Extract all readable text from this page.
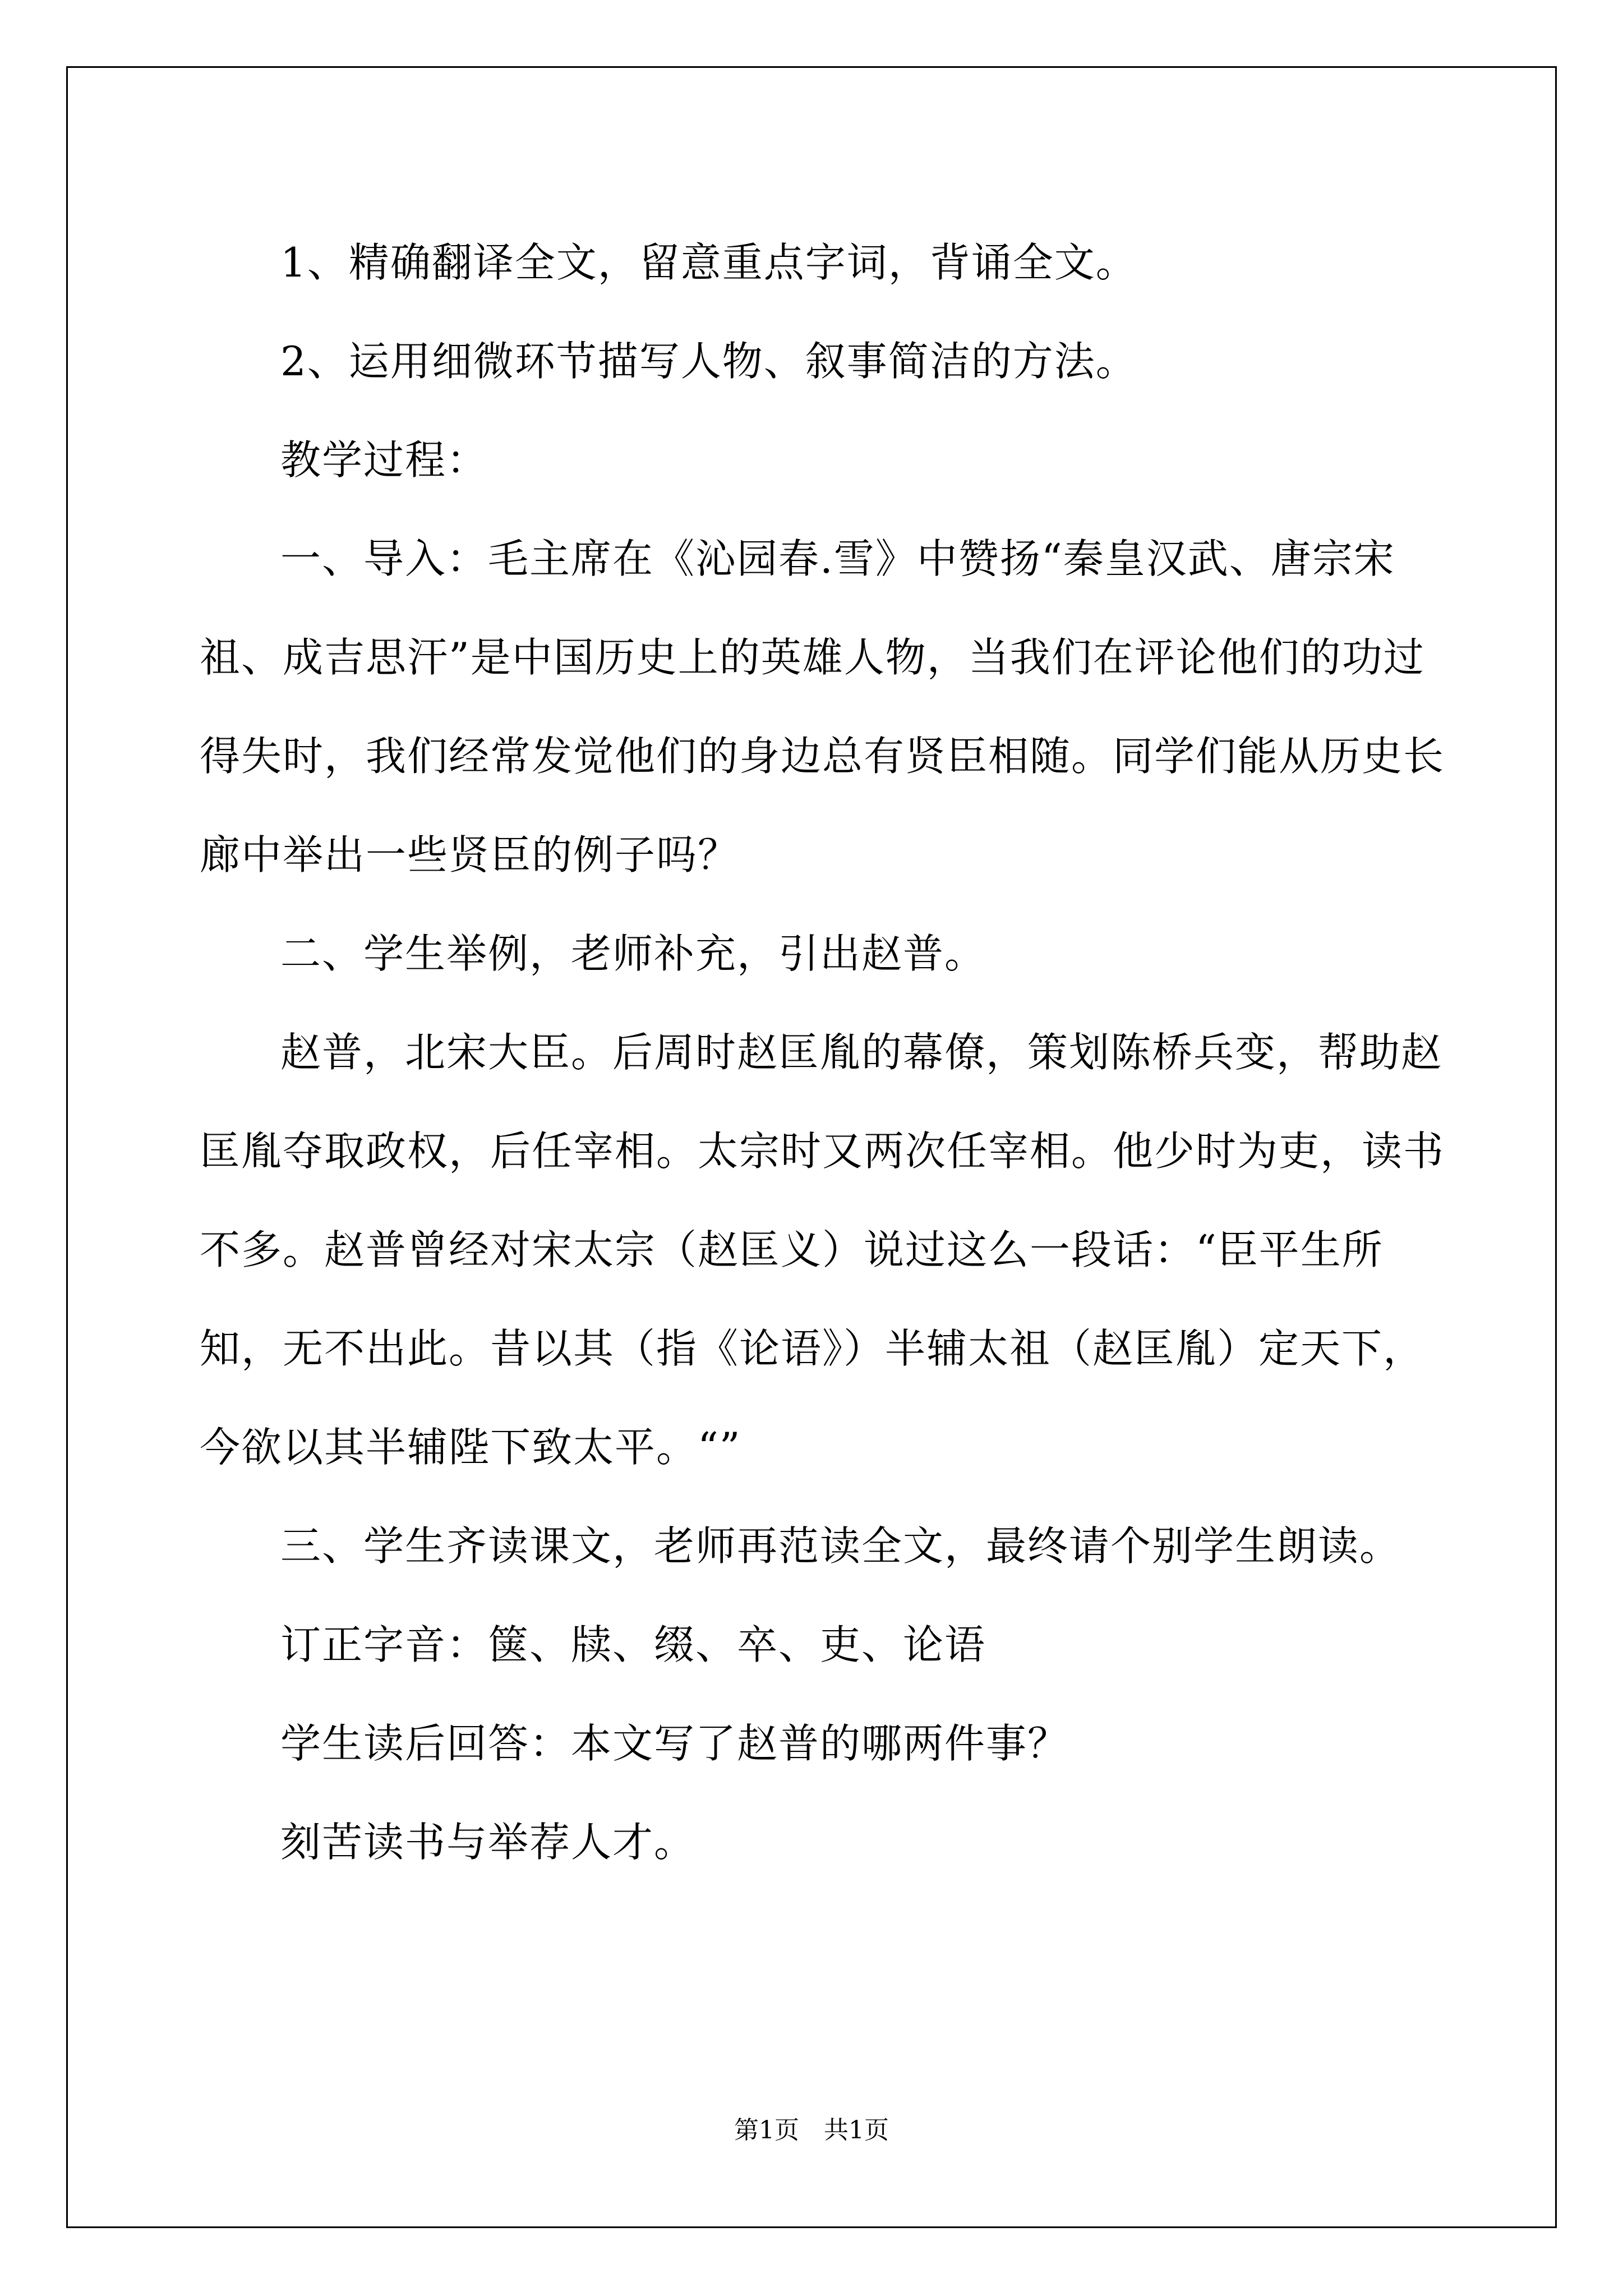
1、精确翻译全文，留意重点字词，背诵全文。

2、运用细微环节描写人物、叙事简洁的方法。

教学过程：

一、导入：毛主席在《沁园春.雪》中赞扬“秦皇汉武、唐宗宋祖、成吉思汗”是中国历史上的英雄人物，当我们在评论他们的功过得失时，我们经常发觉他们的身边总有贤臣相随。同学们能从历史长廊中举出一些贤臣的例子吗？

二、学生举例，老师补充，引出赵普。

赵普，北宋大臣。后周时赵匡胤的幕僚，策划陈桥兵变，帮助赵匡胤夺取政权，后任宰相。太宗时又两次任宰相。他少时为吏，读书不多。赵普曾经对宋太宗（赵匡义）说过这么一段话：“臣平生所知，无不出此。昔以其（指《论语》）半辅太祖（赵匡胤）定天下，今欲以其半辅陛下致太平。“”

三、学生齐读课文，老师再范读全文，最终请个别学生朗读。

订正字音：箧、牍、缀、卒、吏、论语

学生读后回答：本文写了赵普的哪两件事？

刻苦读书与举荐人才。

第1页　共1页
